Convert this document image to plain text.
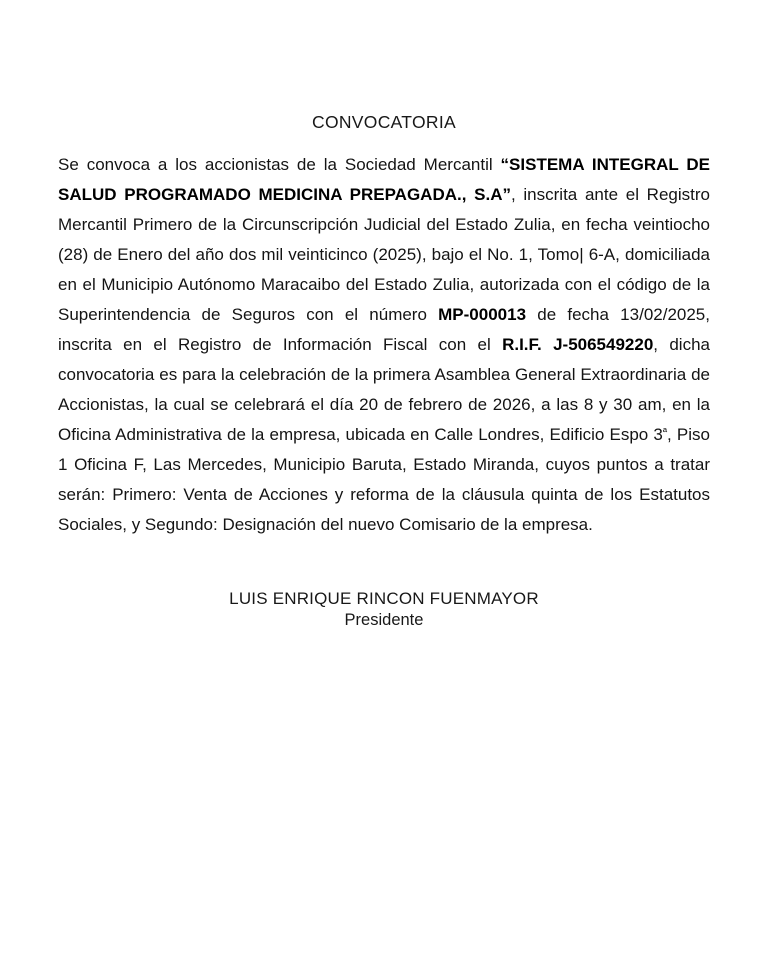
CONVOCATORIA

Se convoca a los accionistas de la Sociedad Mercantil “SISTEMA INTEGRAL DE SALUD PROGRAMADO MEDICINA PREPAGADA., S.A”, inscrita ante el Registro Mercantil Primero de la Circunscripción Judicial del Estado Zulia, en fecha veintiocho (28) de Enero del año dos mil veinticinco (2025), bajo el No. 1, Tomo| 6-A, domiciliada en el Municipio Autónomo Maracaibo del Estado Zulia, autorizada con el código de la Superintendencia de Seguros con el número MP-000013 de fecha 13/02/2025, inscrita en el Registro de Información Fiscal con el R.I.F. J-506549220, dicha convocatoria es para la celebración de la primera Asamblea General Extraordinaria de Accionistas, la cual se celebrará el día 20 de febrero de 2026, a las 8 y 30 am, en la Oficina Administrativa de la empresa, ubicada en Calle Londres, Edificio Espo $3^ª$, Piso 1 Oficina F, Las Mercedes, Municipio Baruta, Estado Miranda, cuyos puntos a tratar serán: Primero: Venta de Acciones y reforma de la cláusula quinta de los Estatutos Sociales, y Segundo: Designación del nuevo Comisario de la empresa.

LUIS ENRIQUE RINCON FUENMAYOR
Presidente
